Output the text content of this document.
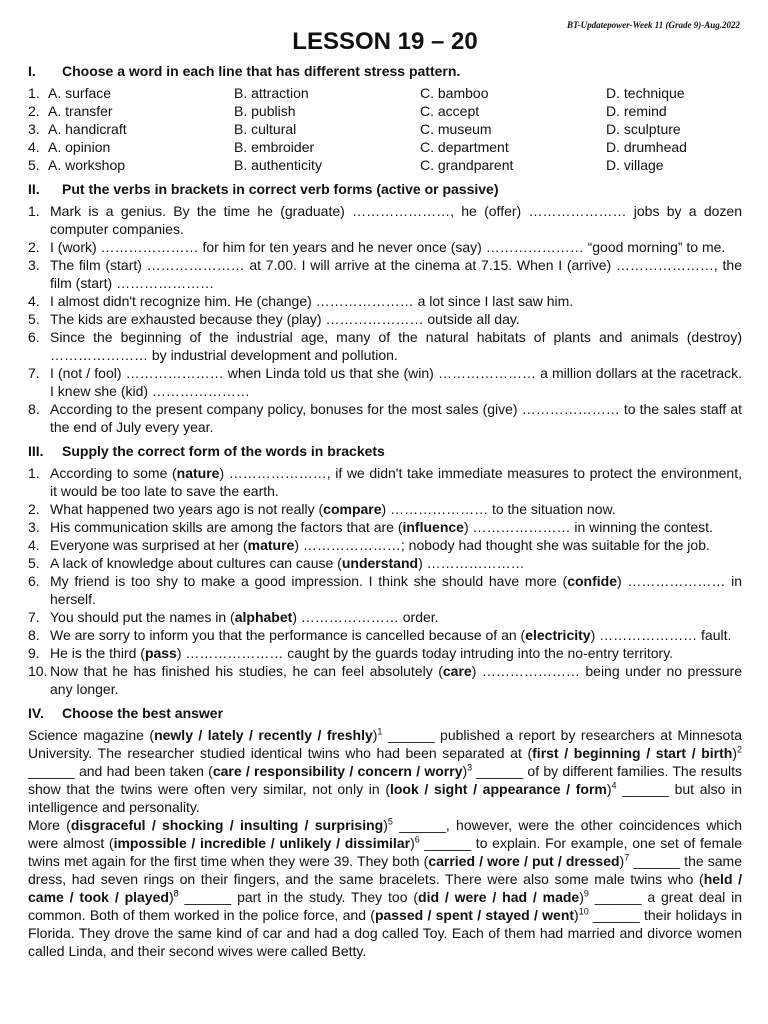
BT-Updatepower-Week 11 (Grade 9)-Aug.2022
LESSON 19 – 20
I.	Choose a word in each line that has different stress pattern.
1. A. surface	B. attraction	C. bamboo	D. technique
2. A. transfer	B. publish	C. accept	D. remind
3. A. handicraft	B. cultural	C. museum	D. sculpture
4. A. opinion	B. embroider	C. department	D. drumhead
5. A. workshop	B. authenticity	C. grandparent	D. village
II.	Put the verbs in brackets in correct verb forms (active or passive)
1. Mark is a genius. By the time he (graduate) …………………, he (offer) ………………… jobs by a dozen computer companies.
2. I (work) ………………… for him for ten years and he never once (say) ………………… “good morning” to me.
3. The film (start) ………………… at 7.00. I will arrive at the cinema at 7.15. When I (arrive) …………………, the film (start) …………………
4. I almost didn't recognize him. He (change) ………………… a lot since I last saw him.
5. The kids are exhausted because they (play) ………………… outside all day.
6. Since the beginning of the industrial age, many of the natural habitats of plants and animals (destroy) ………………… by industrial development and pollution.
7. I (not / fool) ………………… when Linda told us that she (win) ………………… a million dollars at the racetrack. I knew she (kid) …………………
8. According to the present company policy, bonuses for the most sales (give) ………………… to the sales staff at the end of July every year.
III.	Supply the correct form of the words in brackets
1. According to some (nature) …………………, if we didn't take immediate measures to protect the environment, it would be too late to save the earth.
2. What happened two years ago is not really (compare) ………………… to the situation now.
3. His communication skills are among the factors that are (influence) ………………… in winning the contest.
4. Everyone was surprised at her (mature) …………………; nobody had thought she was suitable for the job.
5. A lack of knowledge about cultures can cause (understand) …………………
6. My friend is too shy to make a good impression. I think she should have more (confide) ………………… in herself.
7. You should put the names in (alphabet) ………………… order.
8. We are sorry to inform you that the performance is cancelled because of an (electricity) ………………… fault.
9. He is the third (pass) ………………… caught by the guards today intruding into the no-entry territory.
10. Now that he has finished his studies, he can feel absolutely (care) ………………… being under no pressure any longer.
IV.	Choose the best answer

Science magazine (newly / lately / recently / freshly)$^1$ ______ published a report by researchers at Minnesota University. The researcher studied identical twins who had been separated at (first / beginning / start / birth)$^2$ ______ and had been taken (care / responsibility / concern / worry)$^3$ ______ of by different families. The results show that the twins were often very similar, not only in (look / sight / appearance / form)$^4$ ______ but also in intelligence and personality.

More (disgraceful / shocking / insulting / surprising)$^5$ ______, however, were the other coincidences which were almost (impossible / incredible / unlikely / dissimilar)$^6$ ______ to explain. For example, one set of female twins met again for the first time when they were 39. They both (carried / wore / put / dressed)$^7$ ______ the same dress, had seven rings on their fingers, and the same bracelets. There were also some male twins who (held / came / took / played)$^8$ ______ part in the study. They too (did / were / had / made)$^9$ ______ a great deal in common. Both of them worked in the police force, and (passed / spent / stayed / went)$^{10}$ ______ their holidays in Florida. They drove the same kind of car and had a dog called Toy. Each of them had married and divorce women called Linda, and their second wives were called Betty.
